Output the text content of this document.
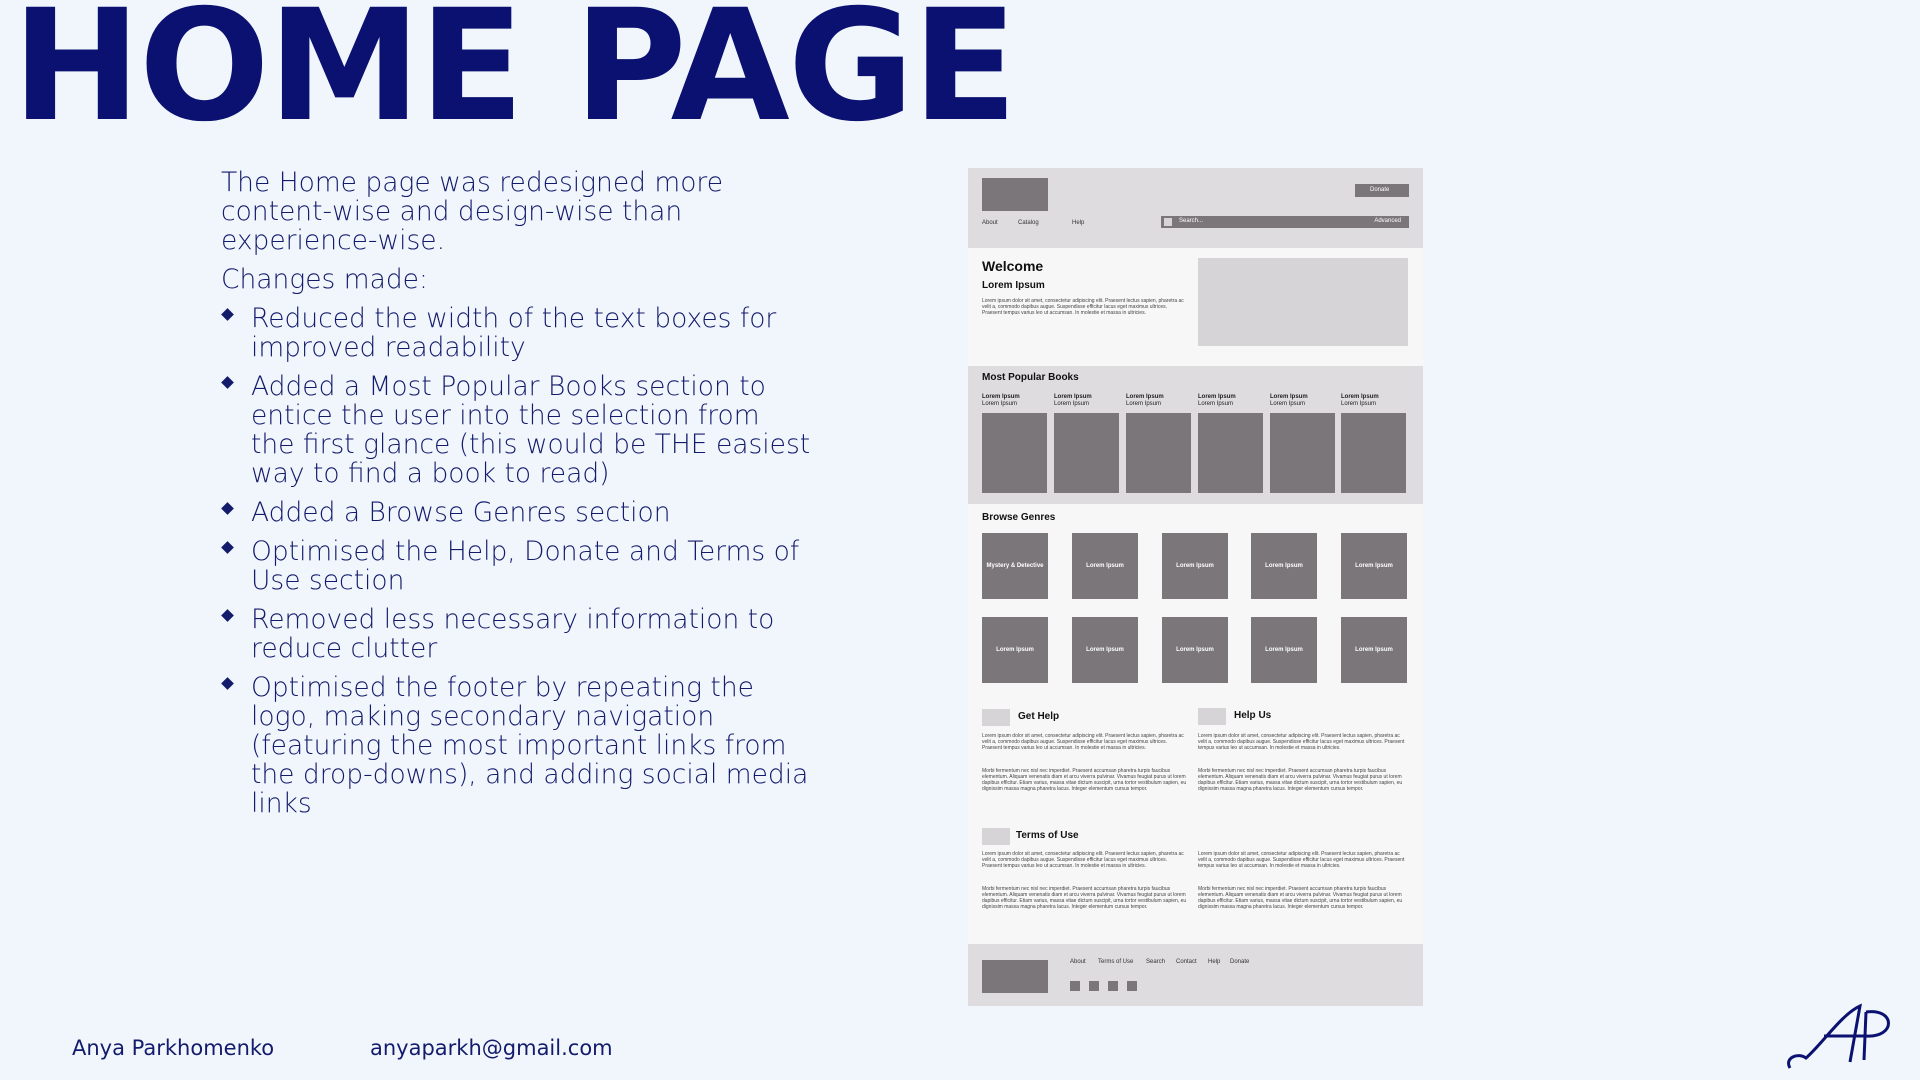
HOME PAGE

The Home page was redesigned more content-wise and design-wise than experience-wise.

Changes made:

Reduced the width of the text boxes for improved readability
Added a Most Popular Books section to entice the user into the selection from the first glance (this would be THE easiest way to find a book to read)
Added a Browse Genres section
Optimised the Help, Donate and Terms of Use section
Removed less necessary information to reduce clutter
Optimised the footer by repeating the logo, making secondary navigation (featuring the most important links from the drop-downs), and adding social media links
Donate
About	Catalog	Help	Search...	Advanced
Welcome
Lorem Ipsum
Lorem ipsum dolor sit amet, consectetur adipiscing elit. Praesent lectus sapien, pharetra ac velit a, commodo dapibus augue. Suspendisse efficitur lacus eget maximus ultrices. Praesent tempus varius leo ut accumsan. In molestie et massa in ultricies.
Most Popular Books
Lorem Ipsum
Lorem Ipsum
Lorem Ipsum
Lorem Ipsum
Lorem Ipsum
Lorem Ipsum
Lorem Ipsum
Lorem Ipsum
Lorem Ipsum
Lorem Ipsum
Lorem Ipsum
Lorem Ipsum
Browse Genres
Mystery & Detective	Lorem Ipsum	Lorem Ipsum	Lorem Ipsum	Lorem Ipsum
Lorem Ipsum	Lorem Ipsum	Lorem Ipsum	Lorem Ipsum	Lorem Ipsum
Get Help
Lorem ipsum dolor sit amet, consectetur adipiscing elit. Praesent lectus sapien, pharetra ac velit a, commodo dapibus augue. Suspendisse efficitur lacus eget maximus ultrices. Praesent tempus varius leo ut accumsan. In molestie et massa in ultricies.
Morbi fermentum nec nisl nec imperdiet. Praesent accumsan pharetra turpis faucibus elementum. Aliquam venenatis diam et arcu viverra pulvinar. Vivamus feugiat purus ut lorem dapibus efficitur. Etiam varius, massa vitae dictum suscipit, urna tortor vestibulum sapien, eu dignissim massa magna pharetra lacus. Integer elementum cursus tempor.
Help Us
Lorem ipsum dolor sit amet, consectetur adipiscing elit. Praesent lectus sapien, pharetra ac velit a, commodo dapibus augue. Suspendisse efficitur lacus eget maximus ultrices. Praesent tempus varius leo ut accumsan. In molestie et massa in ultricies.
Morbi fermentum nec nisl nec imperdiet. Praesent accumsan pharetra turpis faucibus elementum. Aliquam venenatis diam et arcu viverra pulvinar. Vivamus feugiat purus ut lorem dapibus efficitur. Etiam varius, massa vitae dictum suscipit, urna tortor vestibulum sapien, eu dignissim massa magna pharetra lacus. Integer elementum cursus tempor.
Terms of Use
Lorem ipsum dolor sit amet, consectetur adipiscing elit. Praesent lectus sapien, pharetra ac velit a, commodo dapibus augue. Suspendisse efficitur lacus eget maximus ultrices. Praesent tempus varius leo ut accumsan. In molestie et massa in ultricies.
Morbi fermentum nec nisl nec imperdiet. Praesent accumsan pharetra turpis faucibus elementum. Aliquam venenatis diam et arcu viverra pulvinar. Vivamus feugiat purus ut lorem dapibus efficitur. Etiam varius, massa vitae dictum suscipit, urna tortor vestibulum sapien, eu dignissim massa magna pharetra lacus. Integer elementum cursus tempor.
Lorem ipsum dolor sit amet, consectetur adipiscing elit. Praesent lectus sapien, pharetra ac velit a, commodo dapibus augue. Suspendisse efficitur lacus eget maximus ultrices. Praesent tempus varius leo ut accumsan. In molestie et massa in ultricies.
Morbi fermentum nec nisl nec imperdiet. Praesent accumsan pharetra turpis faucibus elementum. Aliquam venenatis diam et arcu viverra pulvinar. Vivamus feugiat purus ut lorem dapibus efficitur. Etiam varius, massa vitae dictum suscipit, urna tortor vestibulum sapien, eu dignissim massa magna pharetra lacus. Integer elementum cursus tempor.
About Terms of Use Search Contact Help Donate
Anya Parkhomenko	anyaparkh@gmail.com
